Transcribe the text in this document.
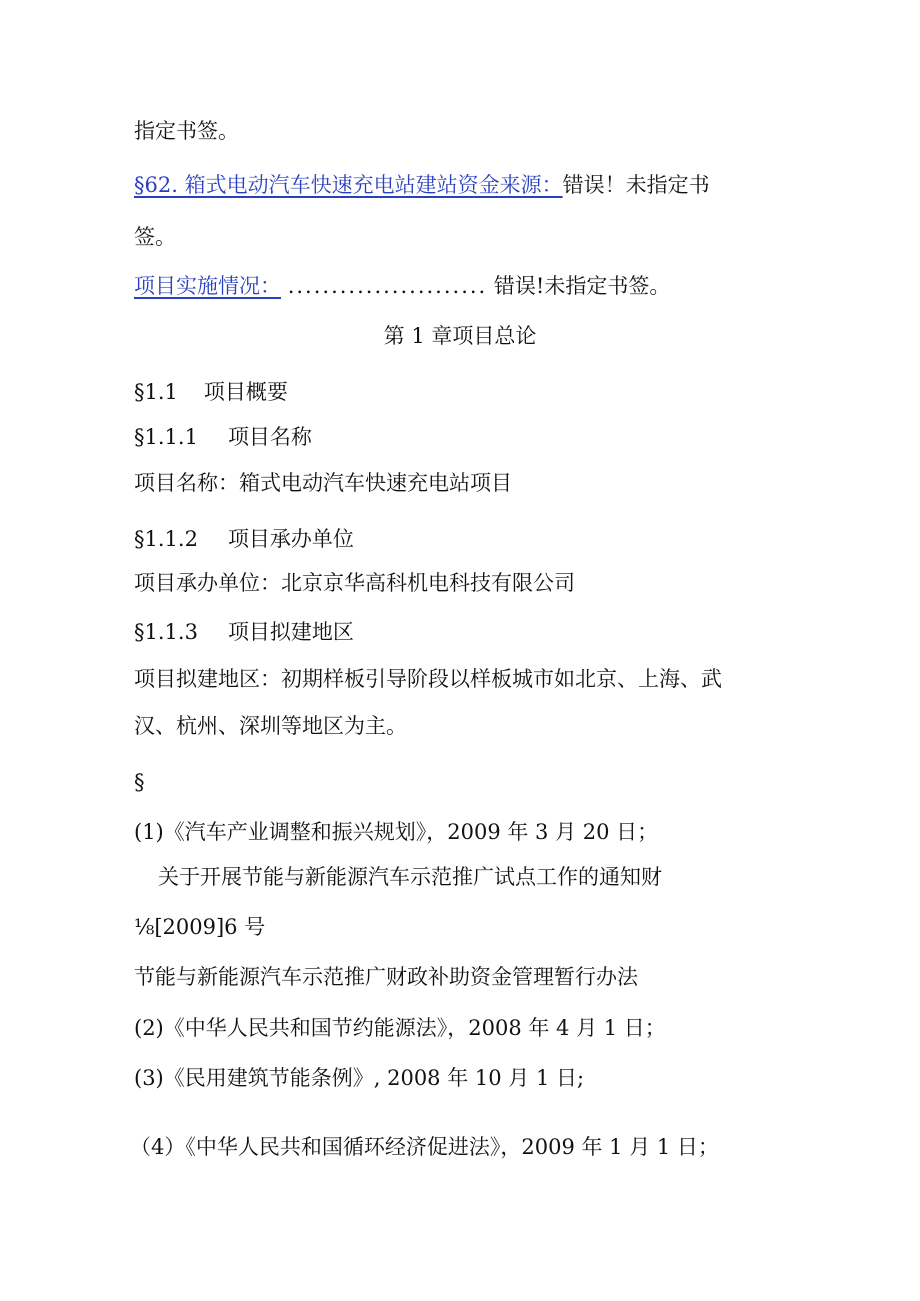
指定书签。
§62. 箱式电动汽车快速充电站建站资金来源：错误！未指定书
签。
项目实施情况： ....................... 错误!未指定书签。
第 1 章项目总论
§1.1 项目概要
§1.1.1 项目名称
项目名称：箱式电动汽车快速充电站项目
§1.1.2 项目承办单位
项目承办单位：北京京华高科机电科技有限公司
§1.1.3 项目拟建地区
项目拟建地区：初期样板引导阶段以样板城市如北京、上海、武
汉、杭州、深圳等地区为主。
§
(1)《汽车产业调整和振兴规划》，2009 年 3 月 20 日；
关于开展节能与新能源汽车示范推广试点工作的通知财
⅛[2009]6 号
节能与新能源汽车示范推广财政补助资金管理暂行办法
(2)《中华人民共和国节约能源法》，2008 年 4 月 1 日；
(3)《民用建筑节能条例》, 2008 年 10 月 1 日;
（4）《中华人民共和国循环经济促进法》，2009 年 1 月 1 日；
